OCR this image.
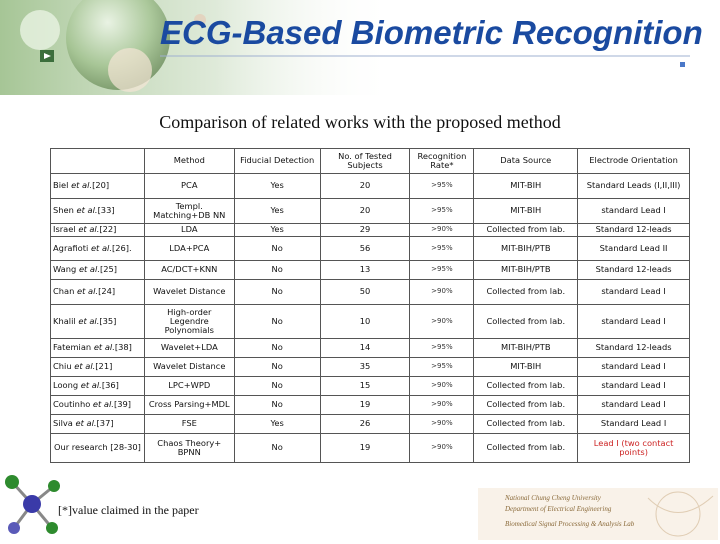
ECG-Based Biometric Recognition
Comparison of related works with the proposed method
	Method	Fiducial Detection	No. of Tested Subjects	Recognition Rate*	Data Source	Electrode Orientation
Biel et al.[20]	PCA	Yes	20	>95%	MIT-BIH	Standard Leads (I,II,III)
Shen et al.[33]	Templ. Matching+DB NN	Yes	20	>95%	MIT-BIH	standard Lead I
Israel et al.[22]	LDA	Yes	29	>90%	Collected from lab.	Standard 12-leads
Agrafioti et al.[26].	LDA+PCA	No	56	>95%	MIT-BIH/PTB	Standard Lead II
Wang et al.[25]	AC/DCT+KNN	No	13	>95%	MIT-BIH/PTB	Standard 12-leads
Chan et al.[24]	Wavelet Distance	No	50	>90%	Collected from lab.	standard Lead I
Khalil et al.[35]	High-order Legendre Polynomials	No	10	>90%	Collected from lab.	standard Lead I
Fatemian et al.[38]	Wavelet+LDA	No	14	>95%	MIT-BIH/PTB	Standard 12-leads
Chiu et al.[21]	Wavelet Distance	No	35	>95%	MIT-BIH	standard Lead I
Loong et al.[36]	LPC+WPD	No	15	>90%	Collected from lab.	standard Lead I
Coutinho et al.[39]	Cross Parsing+MDL	No	19	>90%	Collected from lab.	standard Lead I
Silva et al.[37]	FSE	Yes	26	>90%	Collected from lab.	Standard Lead I
Our research [28-30]	Chaos Theory+ BPNN	No	19	>90%	Collected from lab.	Lead I (two contact points)
[*]value claimed in the paper
National Chung Cheng University
Department of Electrical Engineering
Biomedical Signal Processing & Analysis Lab
